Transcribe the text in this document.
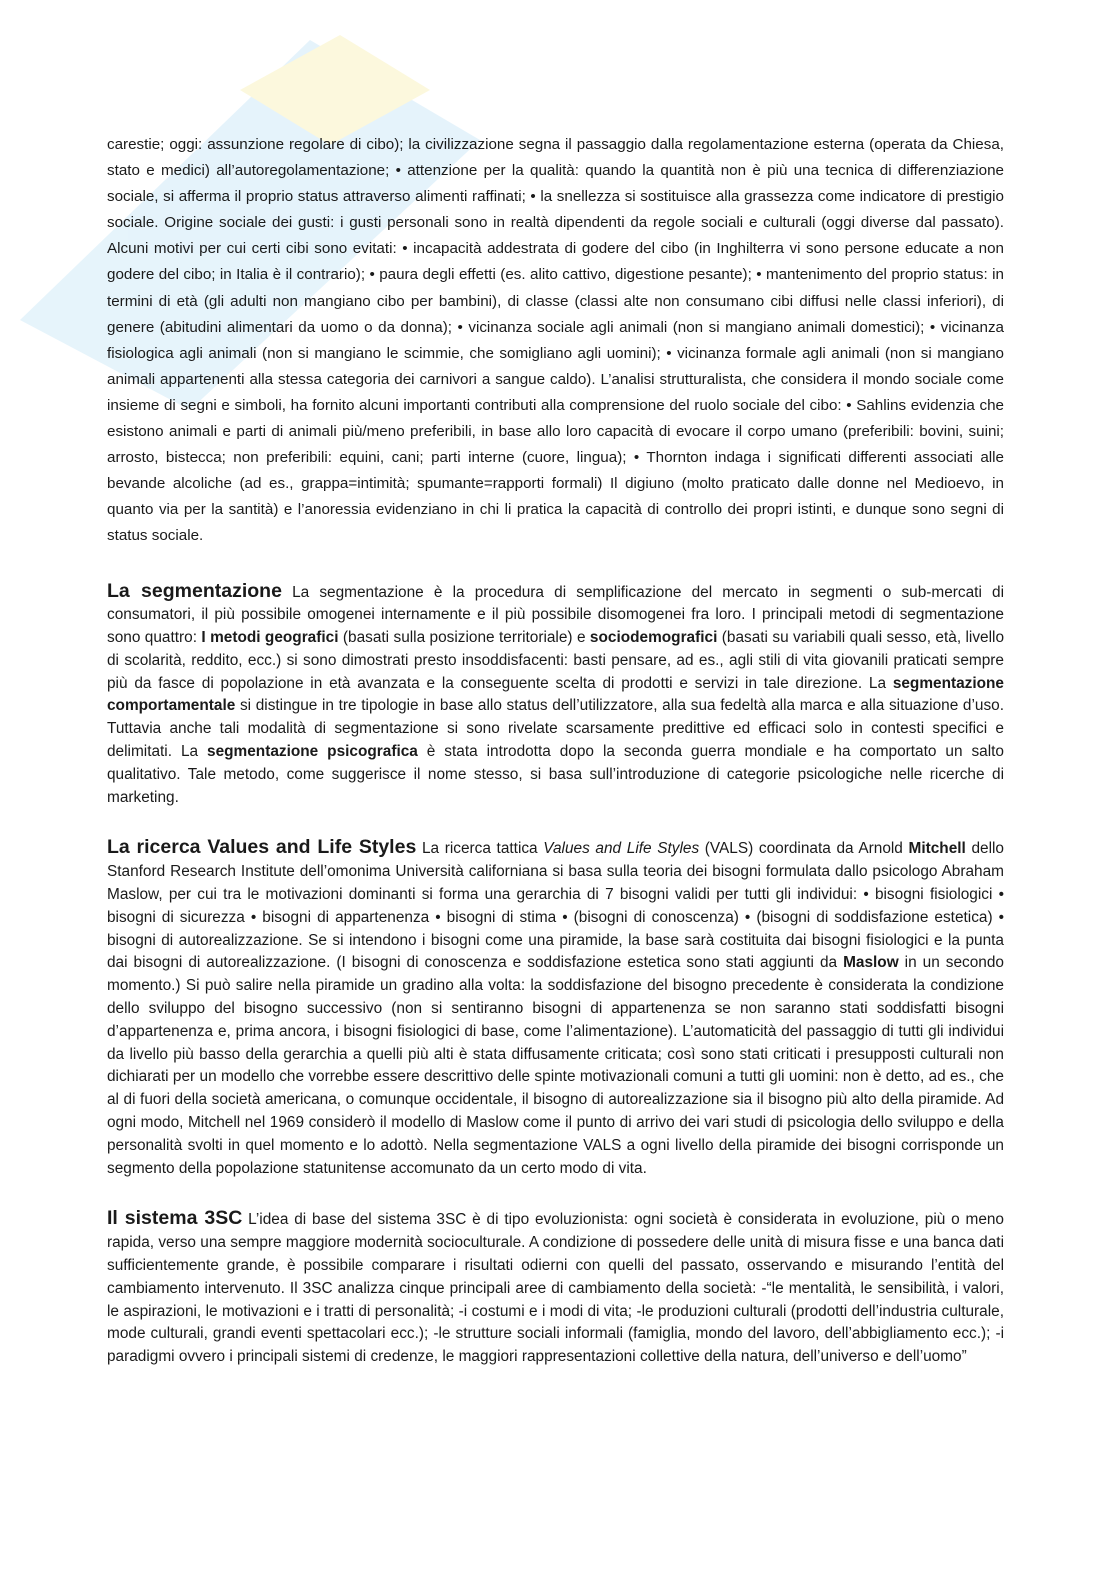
carestie; oggi: assunzione regolare di cibo); la civilizzazione segna il passaggio dalla regolamentazione esterna (operata da Chiesa, stato e medici) all’autoregolamentazione; • attenzione per la qualità: quando la quantità non è più una tecnica di differenziazione sociale, si afferma il proprio status attraverso alimenti raffinati; • la snellezza si sostituisce alla grassezza come indicatore di prestigio sociale. Origine sociale dei gusti: i gusti personali sono in realtà dipendenti da regole sociali e culturali (oggi diverse dal passato). Alcuni motivi per cui certi cibi sono evitati: • incapacità addestrata di godere del cibo (in Inghilterra vi sono persone educate a non godere del cibo; in Italia è il contrario); • paura degli effetti (es. alito cattivo, digestione pesante); • mantenimento del proprio status: in termini di età (gli adulti non mangiano cibo per bambini), di classe (classi alte non consumano cibi diffusi nelle classi inferiori), di genere (abitudini alimentari da uomo o da donna); • vicinanza sociale agli animali (non si mangiano animali domestici); • vicinanza fisiologica agli animali (non si mangiano le scimmie, che somigliano agli uomini); • vicinanza formale agli animali (non si mangiano animali appartenenti alla stessa categoria dei carnivori a sangue caldo). L’analisi strutturalista, che considera il mondo sociale come insieme di segni e simboli, ha fornito alcuni importanti contributi alla comprensione del ruolo sociale del cibo: • Sahlins evidenzia che esistono animali e parti di animali più/meno preferibili, in base allo loro capacità di evocare il corpo umano (preferibili: bovini, suini; arrosto, bistecca; non preferibili: equini, cani; parti interne (cuore, lingua); • Thornton indaga i significati differenti associati alle bevande alcoliche (ad es., grappa=intimità; spumante=rapporti formali) Il digiuno (molto praticato dalle donne nel Medioevo, in quanto via per la santità) e l’anoressia evidenziano in chi li pratica la capacità di controllo dei propri istinti, e dunque sono segni di status sociale.
La segmentazione La segmentazione è la procedura di semplificazione del mercato in segmenti o sub-mercati di consumatori, il più possibile omogenei internamente e il più possibile disomogenei fra loro. I principali metodi di segmentazione sono quattro: I metodi geografici (basati sulla posizione territoriale) e sociodemografici (basati su variabili quali sesso, età, livello di scolarità, reddito, ecc.) si sono dimostrati presto insoddisfacenti: basti pensare, ad es., agli stili di vita giovanili praticati sempre più da fasce di popolazione in età avanzata e la conseguente scelta di prodotti e servizi in tale direzione. La segmentazione comportamentale si distingue in tre tipologie in base allo status dell’utilizzatore, alla sua fedeltà alla marca e alla situazione d’uso. Tuttavia anche tali modalità di segmentazione si sono rivelate scarsamente predittive ed efficaci solo in contesti specifici e delimitati. La segmentazione psicografica è stata introdotta dopo la seconda guerra mondiale e ha comportato un salto qualitativo. Tale metodo, come suggerisce il nome stesso, si basa sull’introduzione di categorie psicologiche nelle ricerche di marketing.
La ricerca Values and Life Styles La ricerca tattica Values and Life Styles (VALS) coordinata da Arnold Mitchell dello Stanford Research Institute dell’omonima Università californiana si basa sulla teoria dei bisogni formulata dallo psicologo Abraham Maslow, per cui tra le motivazioni dominanti si forma una gerarchia di 7 bisogni validi per tutti gli individui: • bisogni fisiologici • bisogni di sicurezza • bisogni di appartenenza • bisogni di stima • (bisogni di conoscenza) • (bisogni di soddisfazione estetica) • bisogni di autorealizzazione. Se si intendono i bisogni come una piramide, la base sarà costituita dai bisogni fisiologici e la punta dai bisogni di autorealizzazione. (I bisogni di conoscenza e soddisfazione estetica sono stati aggiunti da Maslow in un secondo momento.) Si può salire nella piramide un gradino alla volta: la soddisfazione del bisogno precedente è considerata la condizione dello sviluppo del bisogno successivo (non si sentiranno bisogni di appartenenza se non saranno stati soddisfatti bisogni d’appartenenza e, prima ancora, i bisogni fisiologici di base, come l’alimentazione). L’automaticità del passaggio di tutti gli individui da livello più basso della gerarchia a quelli più alti è stata diffusamente criticata; così sono stati criticati i presupposti culturali non dichiarati per un modello che vorrebbe essere descrittivo delle spinte motivazionali comuni a tutti gli uomini: non è detto, ad es., che al di fuori della società americana, o comunque occidentale, il bisogno di autorealizzazione sia il bisogno più alto della piramide. Ad ogni modo, Mitchell nel 1969 considerò il modello di Maslow come il punto di arrivo dei vari studi di psicologia dello sviluppo e della personalità svolti in quel momento e lo adottò. Nella segmentazione VALS a ogni livello della piramide dei bisogni corrisponde un segmento della popolazione statunitense accomunato da un certo modo di vita.
Il sistema 3SC L’idea di base del sistema 3SC è di tipo evoluzionista: ogni società è considerata in evoluzione, più o meno rapida, verso una sempre maggiore modernità socioculturale. A condizione di possedere delle unità di misura fisse e una banca dati sufficientemente grande, è possibile comparare i risultati odierni con quelli del passato, osservando e misurando l’entità del cambiamento intervenuto. Il 3SC analizza cinque principali aree di cambiamento della società: -“le mentalità, le sensibilità, i valori, le aspirazioni, le motivazioni e i tratti di personalità; -i costumi e i modi di vita; -le produzioni culturali (prodotti dell’industria culturale, mode culturali, grandi eventi spettacolari ecc.); -le strutture sociali informali (famiglia, mondo del lavoro, dell’abbigliamento ecc.); -i paradigmi ovvero i principali sistemi di credenze, le maggiori rappresentazioni collettive della natura, dell’universo e dell’uomo”
